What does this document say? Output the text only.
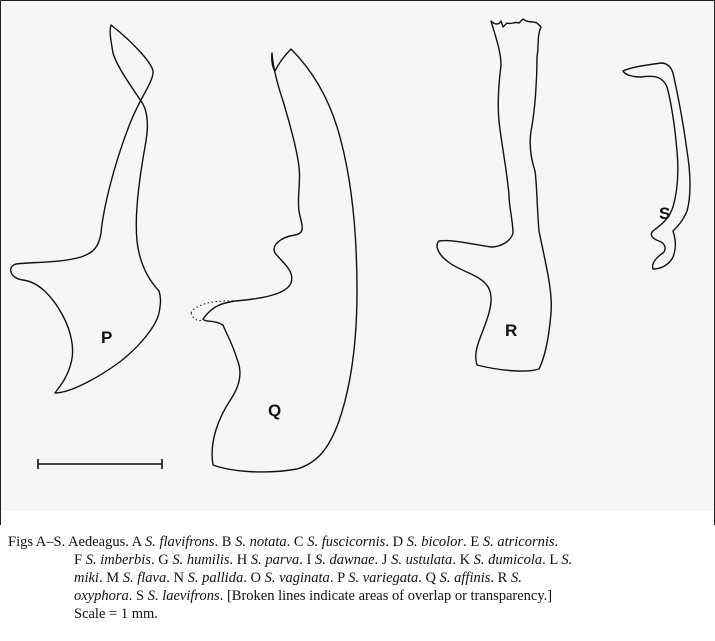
P
Q
R
S
Figs A–S. Aedeagus. A S. flavifrons. B S. notata. C S. fuscicornis. D S. bicolor. E S. atricornis.
F S. imberbis. G S. humilis. H S. parva. I S. dawnae. J S. ustulata. K S. dumicola. L S.
miki. M S. flava. N S. pallida. O S. vaginata. P S. variegata. Q S. affinis. R S.
oxyphora. S S. laevifrons. [Broken lines indicate areas of overlap or transparency.]
Scale = 1 mm.
